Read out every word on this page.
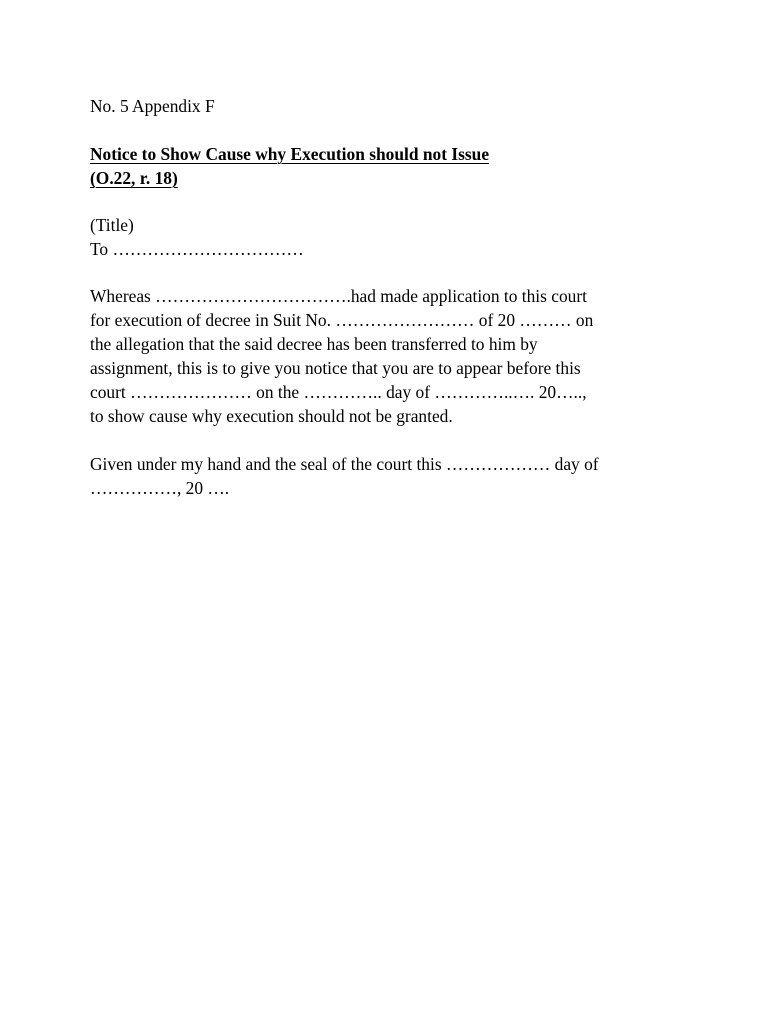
No. 5 Appendix F
Notice to Show Cause why Execution should not Issue
(O.22, r. 18)
(Title)
To ……………………………
Whereas …………………………….had made application to this court
for execution of decree in Suit No. …………………… of 20 ……… on
the allegation that the said decree has been transferred to him by
assignment, this is to give you notice that you are to appear before this
court ………………… on the ………….. day of …………..…. 20…..,
to show cause why execution should not be granted.
Given under my hand and the seal of the court this ……………… day of
……………, 20 ….
